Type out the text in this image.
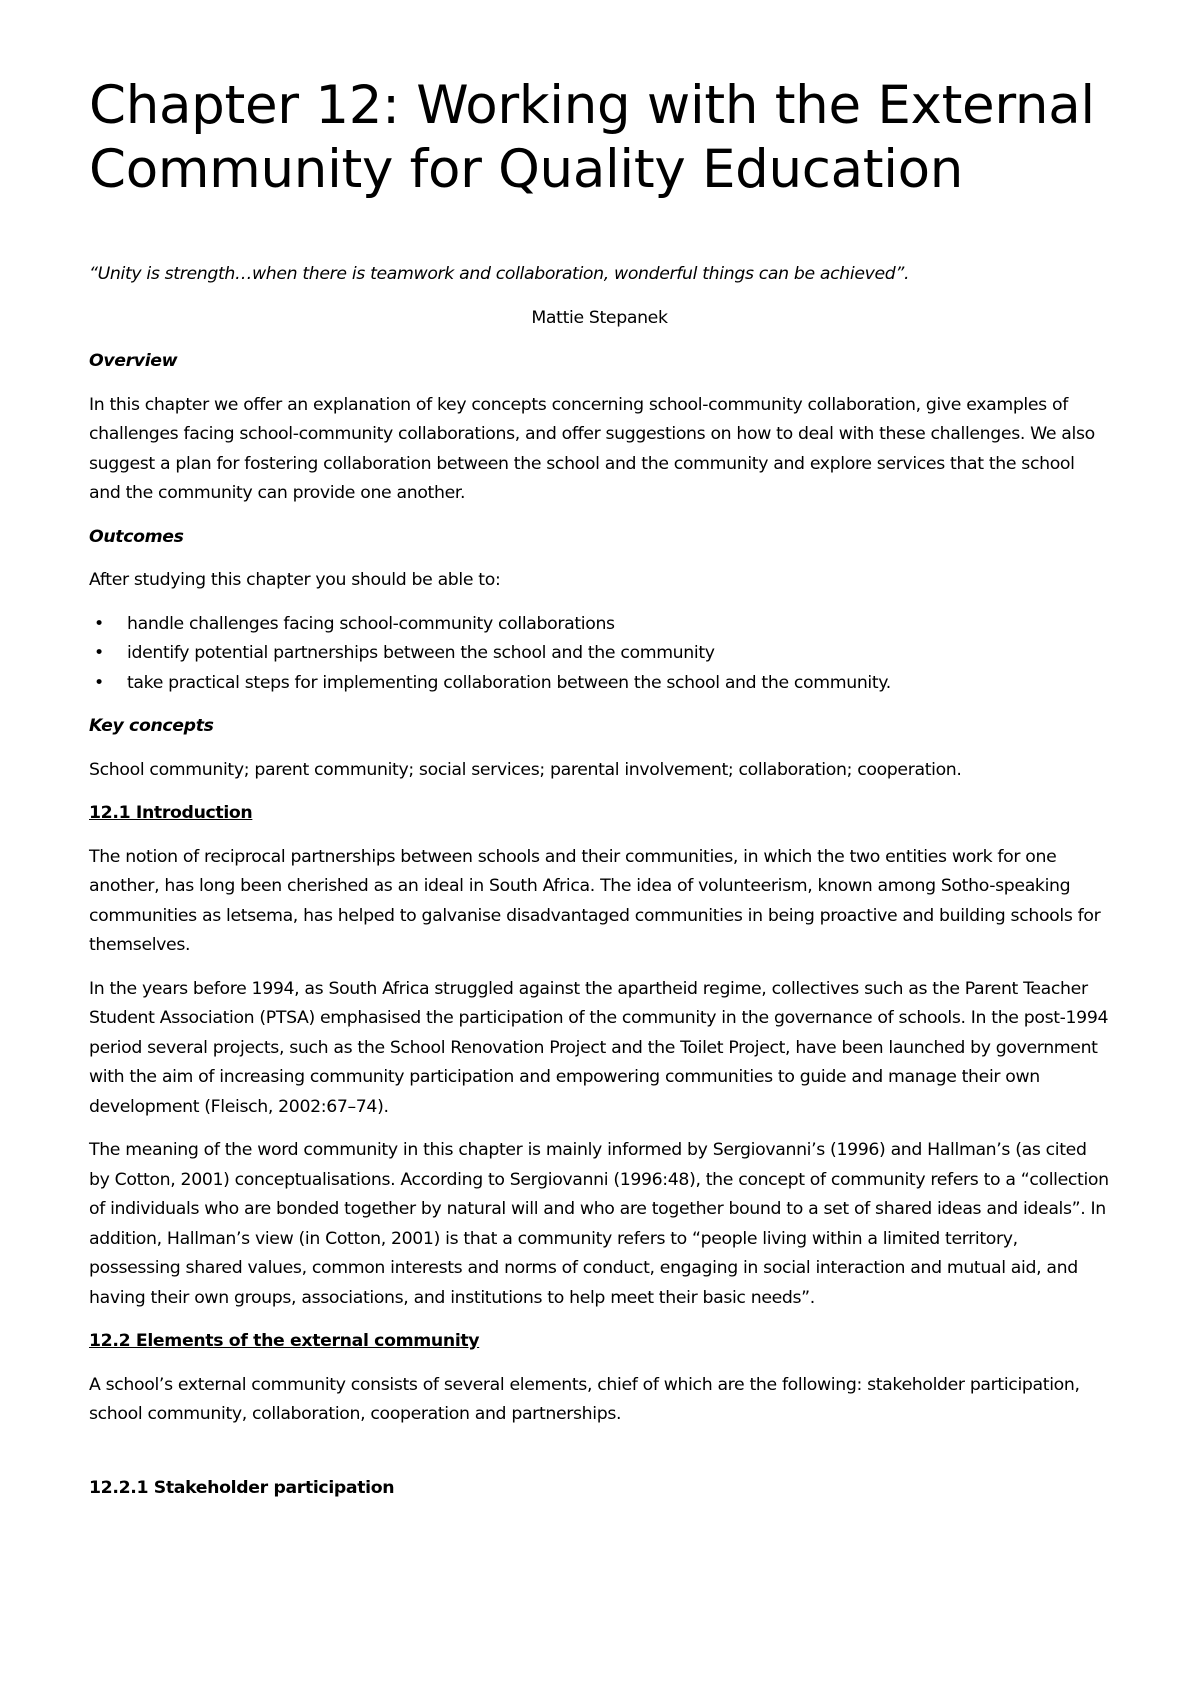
Chapter 12: Working with the External Community for Quality Education

“Unity is strength…when there is teamwork and collaboration, wonderful things can be achieved”.

Mattie Stepanek

Overview

In this chapter we offer an explanation of key concepts concerning school-community collaboration, give examples of challenges facing school-community collaborations, and offer suggestions on how to deal with these challenges. We also suggest a plan for fostering collaboration between the school and the community and explore services that the school and the community can provide one another.

Outcomes

After studying this chapter you should be able to:

• handle challenges facing school-community collaborations
• identify potential partnerships between the school and the community
• take practical steps for implementing collaboration between the school and the community.
Key concepts

School community; parent community; social services; parental involvement; collaboration; cooperation.

12.1 Introduction

The notion of reciprocal partnerships between schools and their communities, in which the two entities work for one another, has long been cherished as an ideal in South Africa. The idea of volunteerism, known among Sotho-speaking communities as letsema, has helped to galvanise disadvantaged communities in being proactive and building schools for themselves.

In the years before 1994, as South Africa struggled against the apartheid regime, collectives such as the Parent Teacher Student Association (PTSA) emphasised the participation of the community in the governance of schools. In the post-1994 period several projects, such as the School Renovation Project and the Toilet Project, have been launched by government with the aim of increasing community participation and empowering communities to guide and manage their own development (Fleisch, 2002:67–74).

The meaning of the word community in this chapter is mainly informed by Sergiovanni’s (1996) and Hallman’s (as cited by Cotton, 2001) conceptualisations. According to Sergiovanni (1996:48), the concept of community refers to a “collection of individuals who are bonded together by natural will and who are together bound to a set of shared ideas and ideals”. In addition, Hallman’s view (in Cotton, 2001) is that a community refers to “people living within a limited territory, possessing shared values, common interests and norms of conduct, engaging in social interaction and mutual aid, and having their own groups, associations, and institutions to help meet their basic needs”.

12.2 Elements of the external community

A school’s external community consists of several elements, chief of which are the following: stakeholder participation, school community, collaboration, cooperation and partnerships.

12.2.1 Stakeholder participation
